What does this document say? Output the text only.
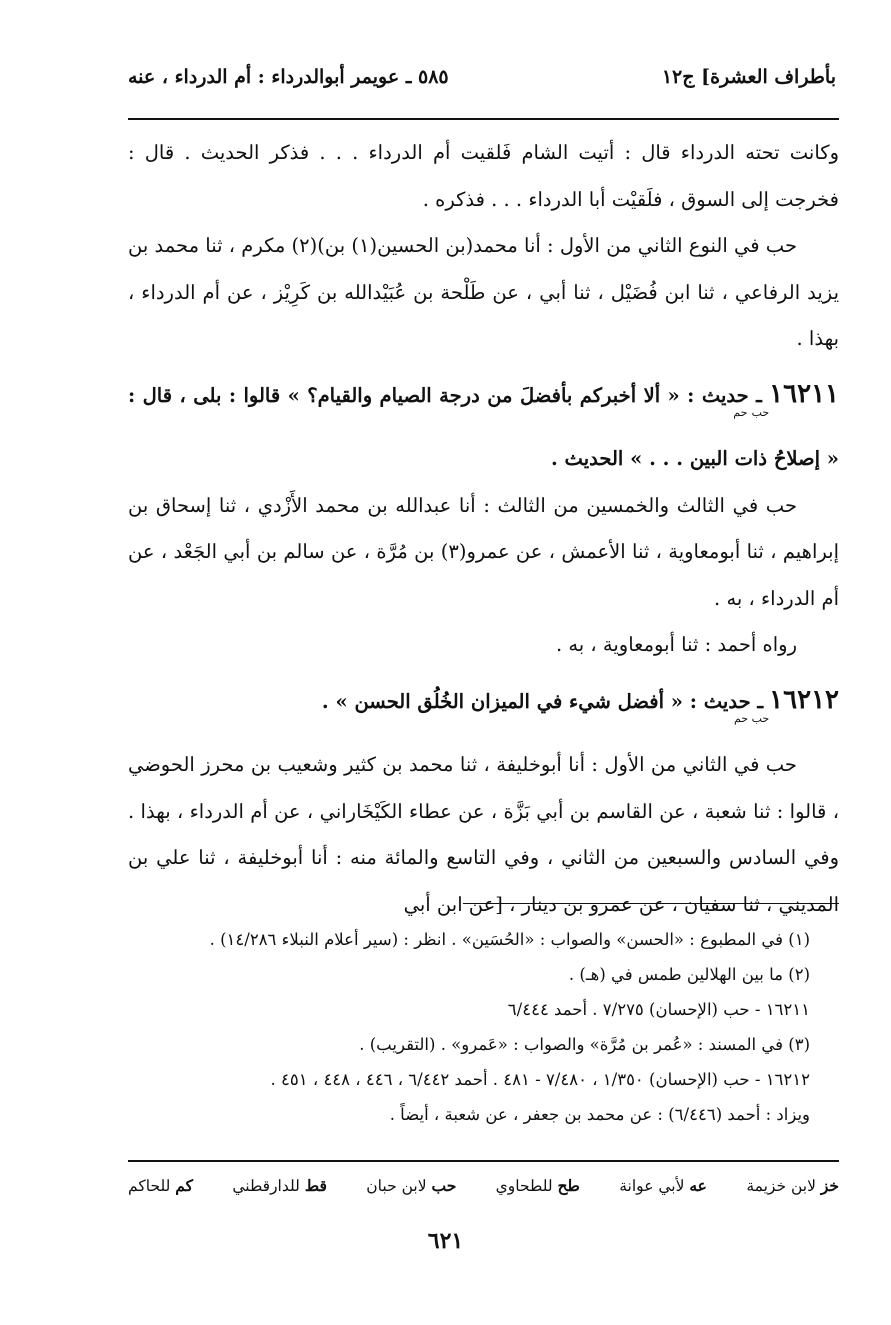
بأطراف العشرة] ج١٢
٥٨٥ ـ عويمر أبوالدرداء : أم الدرداء ، عنه

وكانت تحته الدرداء قال : أتيت الشام فَلقيت أم الدرداء . . . فذكر الحديث . قال : فخرجت إلى السوق ، فلَقيْت أبا الدرداء . . . فذكره .

حب في النوع الثاني من الأول : أنا محمد(بن الحسين(١) بن)(٢) مكرم ، ثنا محمد بن يزيد الرفاعي ، ثنا ابن فُضَيْل ، ثنا أبي ، عن طَلْحة بن عُبَيْدالله بن كَرِيْز ، عن أم الدرداء ، بهذا .

$١٦٢١١_{حب حم}$ ـ حديث : « ألا أخبركم بأفضلَ من درجة الصيام والقيام؟ » قالوا : بلى ، قال : « إصلاحُ ذات البين . . . » الحديث .

حب في الثالث والخمسين من الثالث : أنا عبدالله بن محمد الأَزْدي ، ثنا إسحاق بن إبراهيم ، ثنا أبومعاوية ، ثنا الأعمش ، عن عمرو(٣) بن مُرَّة ، عن سالم بن أبي الجَعْد ، عن أم الدرداء ، به .

رواه أحمد : ثنا أبومعاوية ، به .

$١٦٢١٢_{حب حم}$ ـ حديث : « أفضل شيء في الميزان الخُلُق الحسن » .

حب في الثاني من الأول : أنا أبوخليفة ، ثنا محمد بن كثير وشعيب بن محرز الحوضي ، قالوا : ثنا شعبة ، عن القاسم بن أبي بَزَّة ، عن عطاء الكَيْخَاراني ، عن أم الدرداء ، بهذا . وفي السادس والسبعين من الثاني ، وفي التاسع والمائة منه : أنا أبوخليفة ، ثنا علي بن المديني ، ثنا سفيان ، عن عمرو بن دينار ، [عن ابن أبي

(١) في المطبوع : «الحسن» والصواب : «الحُسَين» . انظر : (سير أعلام النبلاء ١٤/٢٨٦) .

(٢) ما بين الهلالين طمس في (هـ) .

١٦٢١١ - حب (الإحسان) ٧/٢٧٥ . أحمد ٦/٤٤٤

(٣) في المسند : «عُمر بن مُرَّة» والصواب : «عَمرو» . (التقريب) .

١٦٢١٢ - حب (الإحسان) ١/٣٥٠ ، ٧/٤٨٠ - ٤٨١ . أحمد ٦/٤٤٢ ، ٤٤٦ ، ٤٤٨ ، ٤٥١ .

ويزاد : أحمد (٦/٤٤٦) : عن محمد بن جعفر ، عن شعبة ، أيضاً .

خز لابن خزيمة
عه لأبي عوانة
طح للطحاوي
حب لابن حبان
قط للدارقطني
كم للحاكم
٦٢١
